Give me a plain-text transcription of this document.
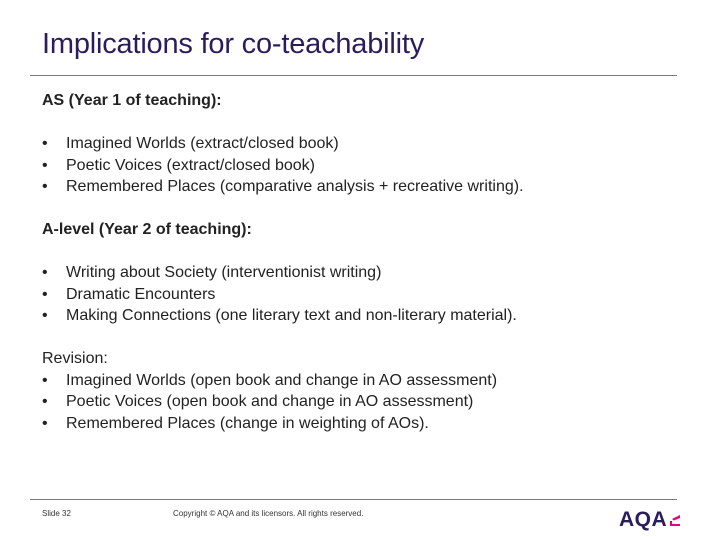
Implications for co-teachability
AS (Year 1 of teaching):
• Imagined Worlds (extract/closed book)
• Poetic Voices (extract/closed book)
• Remembered Places (comparative analysis + recreative writing).
A-level (Year 2 of teaching):
• Writing about Society (interventionist writing)
• Dramatic Encounters
• Making Connections (one literary text and non-literary material).
Revision:
• Imagined Worlds (open book and change in AO assessment)
• Poetic Voices (open book and change in AO assessment)
• Remembered Places (change in weighting of AOs).
Slide 32	Copyright © AQA and its licensors. All rights reserved.	AQA
